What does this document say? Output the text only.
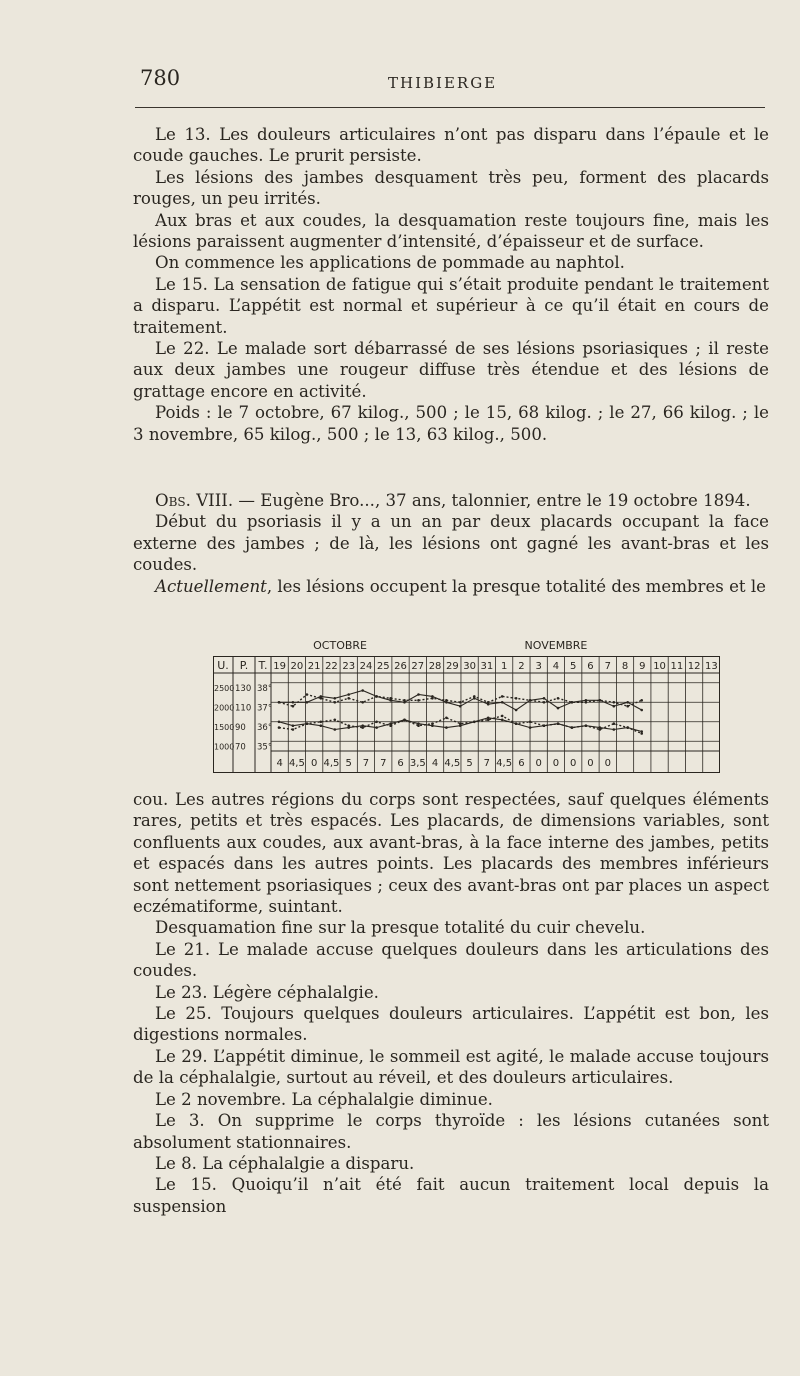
780	THIBIERGE

Le 13. Les douleurs articulaires n’ont pas disparu dans l’épaule et le coude gauches. Le prurit persiste.

Les lésions des jambes desquament très peu, forment des placards rouges, un peu irrités.

Aux bras et aux coudes, la desquamation reste toujours fine, mais les lésions paraissent augmenter d’intensité, d’épaisseur et de surface.

On commence les applications de pommade au naphtol.

Le 15. La sensation de fatigue qui s’était produite pendant le traitement a disparu. L’appétit est normal et supérieur à ce qu’il était en cours de traitement.

Le 22. Le malade sort débarrassé de ses lésions psoriasiques ; il reste aux deux jambes une rougeur diffuse très étendue et des lésions de grattage encore en activité.

Poids : le 7 octobre, 67 kilog., 500 ; le 15, 68 kilog. ; le 27, 66 kilog. ; le 3 novembre, 65 kilog., 500 ; le 13, 63 kilog., 500.

Obs. VIII. — Eugène Bro..., 37 ans, talonnier, entre le 19 octobre 1894.

Début du psoriasis il y a un an par deux placards occupant la face externe des jambes ; de là, les lésions ont gagné les avant-bras et les coudes.

Actuellement, les lésions occupent la presque totalité des membres et le

OCTOBRE	NOVEMBRE
U. P. T. 19 20 21 22 23 24 25 26 27 28 29 30 31 1 2 3 4 5 6 7 8 9 10 11 12 13
2500 130 38°
2000 110 37°
1500 90 36°
1000 70 35°
4 4,5 0 4,5 5 7 7 6 3,5 4 4,5 5 7 4,5 6 0 0 0 0 0

cou. Les autres régions du corps sont respectées, sauf quelques éléments rares, petits et très espacés. Les placards, de dimensions variables, sont confluents aux coudes, aux avant-bras, à la face interne des jambes, petits et espacés dans les autres points. Les placards des membres inférieurs sont nettement psoriasiques ; ceux des avant-bras ont par places un aspect eczématiforme, suintant.

Desquamation fine sur la presque totalité du cuir chevelu.

Le 21. Le malade accuse quelques douleurs dans les articulations des coudes.

Le 23. Légère céphalalgie.

Le 25. Toujours quelques douleurs articulaires. L’appétit est bon, les digestions normales.

Le 29. L’appétit diminue, le sommeil est agité, le malade accuse toujours de la céphalalgie, surtout au réveil, et des douleurs articulaires.

Le 2 novembre. La céphalalgie diminue.

Le 3. On supprime le corps thyroïde : les lésions cutanées sont absolument stationnaires.

Le 8. La céphalalgie a disparu.

Le 15. Quoiqu’il n’ait été fait aucun traitement local depuis la suspension
